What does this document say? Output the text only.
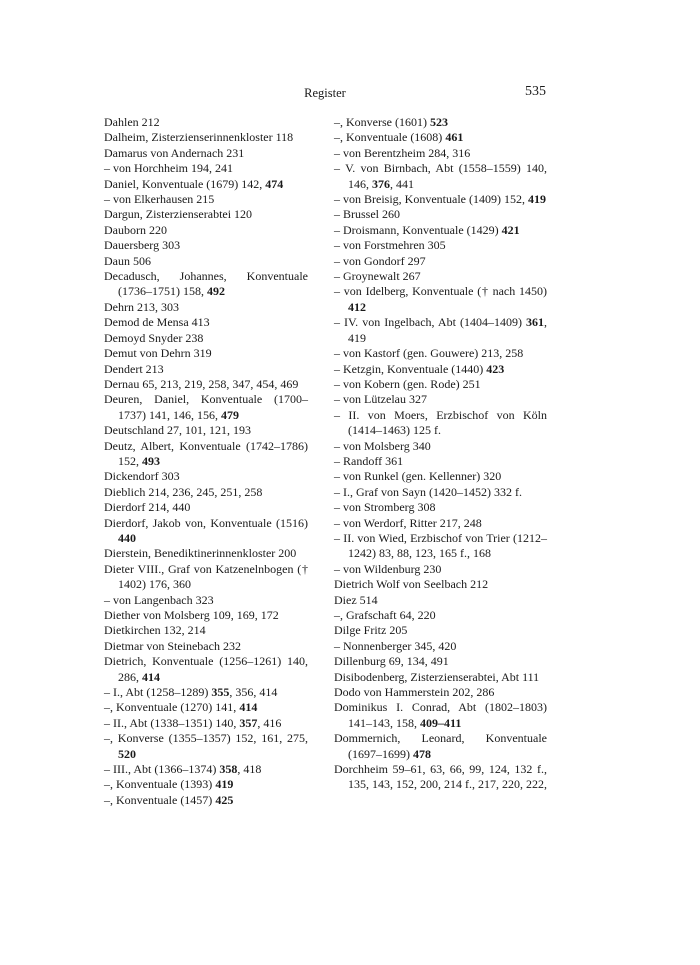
Register	535
Dahlen 212
Dalheim, Zisterzienserinnenkloster 118
Damarus von Andernach 231
– von Horchheim 194, 241
Daniel, Konventuale (1679) 142, 474
– von Elkerhausen 215
Dargun, Zisterzienserabtei 120
Dauborn 220
Dauersberg 303
Daun 506
Decadusch, Johannes, Konventuale (1736–1751) 158, 492
Dehrn 213, 303
Demod de Mensa 413
Demoyd Snyder 238
Demut von Dehrn 319
Dendert 213
Dernau 65, 213, 219, 258, 347, 454, 469
Deuren, Daniel, Konventuale (1700–1737) 141, 146, 156, 479
Deutschland 27, 101, 121, 193
Deutz, Albert, Konventuale (1742–1786) 152, 493
Dickendorf 303
Dieblich 214, 236, 245, 251, 258
Dierdorf 214, 440
Dierdorf, Jakob von, Konventuale (1516) 440
Dierstein, Benediktinerinnenkloster 200
Dieter VIII., Graf von Katzenelnbogen († 1402) 176, 360
– von Langenbach 323
Diether von Molsberg 109, 169, 172
Dietkirchen 132, 214
Dietmar von Steinebach 232
Dietrich, Konventuale (1256–1261) 140, 286, 414
– I., Abt (1258–1289) 355, 356, 414
–, Konventuale (1270) 141, 414
– II., Abt (1338–1351) 140, 357, 416
–, Konverse (1355–1357) 152, 161, 275, 520
– III., Abt (1366–1374) 358, 418
–, Konventuale (1393) 419
–, Konventuale (1457) 425
–, Konverse (1601) 523
–, Konventuale (1608) 461
– von Berentzheim 284, 316
– V. von Birnbach, Abt (1558–1559) 140, 146, 376, 441
– von Breisig, Konventuale (1409) 152, 419
– Brussel 260
– Droismann, Konventuale (1429) 421
– von Forstmehren 305
– von Gondorf 297
– Groynewalt 267
– von Idelberg, Konventuale († nach 1450) 412
– IV. von Ingelbach, Abt (1404–1409) 361, 419
– von Kastorf (gen. Gouwere) 213, 258
– Ketzgin, Konventuale (1440) 423
– von Kobern (gen. Rode) 251
– von Lützelau 327
– II. von Moers, Erzbischof von Köln (1414–1463) 125 f.
– von Molsberg 340
– Randoff 361
– von Runkel (gen. Kellenner) 320
– I., Graf von Sayn (1420–1452) 332 f.
– von Stromberg 308
– von Werdorf, Ritter 217, 248
– II. von Wied, Erzbischof von Trier (1212–1242) 83, 88, 123, 165 f., 168
– von Wildenburg 230
Dietrich Wolf von Seelbach 212
Diez 514
–, Grafschaft 64, 220
Dilge Fritz 205
– Nonnenberger 345, 420
Dillenburg 69, 134, 491
Disibodenberg, Zisterzienserabtei, Abt 111
Dodo von Hammerstein 202, 286
Dominikus I. Conrad, Abt (1802–1803) 141–143, 158, 409–411
Dommernich, Leonard, Konventuale (1697–1699) 478
Dorchheim 59–61, 63, 66, 99, 124, 132 f., 135, 143, 152, 200, 214 f., 217, 220, 222,
